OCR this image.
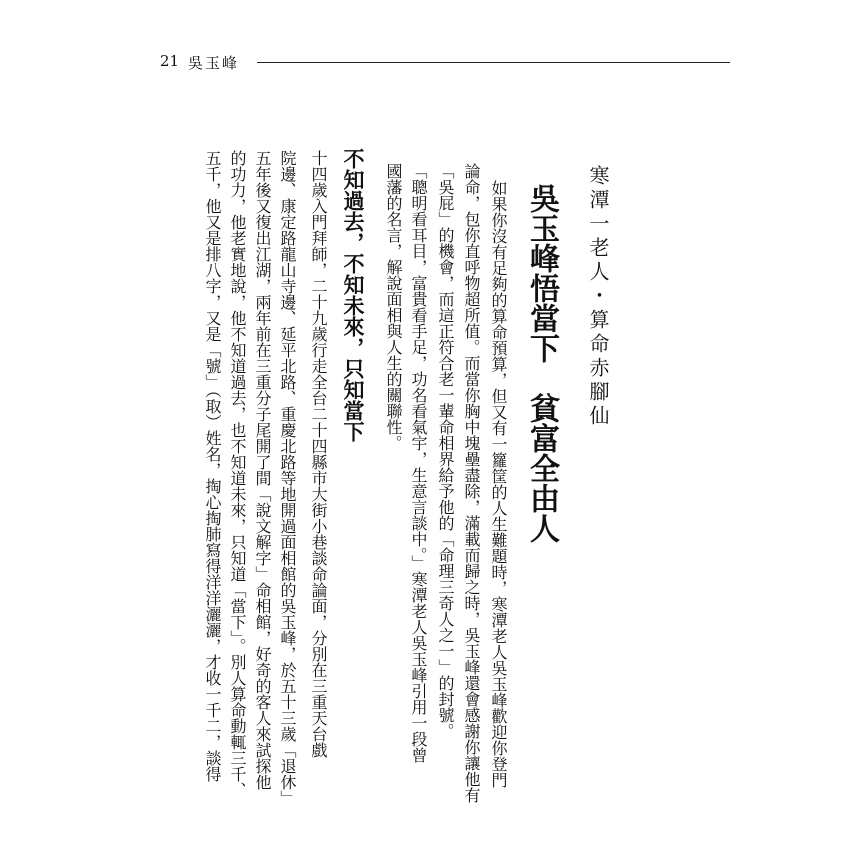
21 吳玉峰
寒潭一老人・算命赤腳仙
吳玉峰悟當下　貧富全由人
如果你沒有足夠的算命預算，但又有一籮筐的人生難題時，寒潭老人吳玉峰歡迎你登門
論命，包你直呼物超所值。而當你胸中塊壘盡除，滿載而歸之時，吳玉峰還會感謝你讓他有
「吳屁」的機會，而這正符合老一輩命相界給予他的「命理三奇人之一」的封號。
「聰明看耳目，富貴看手足，功名看氣宇，生意言談中。」寒潭老人吳玉峰引用一段曾
國藩的名言，解說面相與人生的關聯性。
不知過去，不知未來，只知當下
十四歲入門拜師，二十九歲行走全台二十四縣市大街小巷談命論面，分別在三重天台戲
院邊、康定路龍山寺邊、延平北路、重慶北路等地開過面相館的吳玉峰，於五十三歲「退休」
五年後又復出江湖，兩年前在三重分子尾開了間「說文解字」命相館，好奇的客人來試探他
的功力，他老實地說，他不知道過去，也不知道未來，只知道「當下」。別人算命動輒三千、
五千，他又是排八字，又是「號」（取）姓名，掏心掏肺寫得洋洋灑灑，才收一千二，談得
